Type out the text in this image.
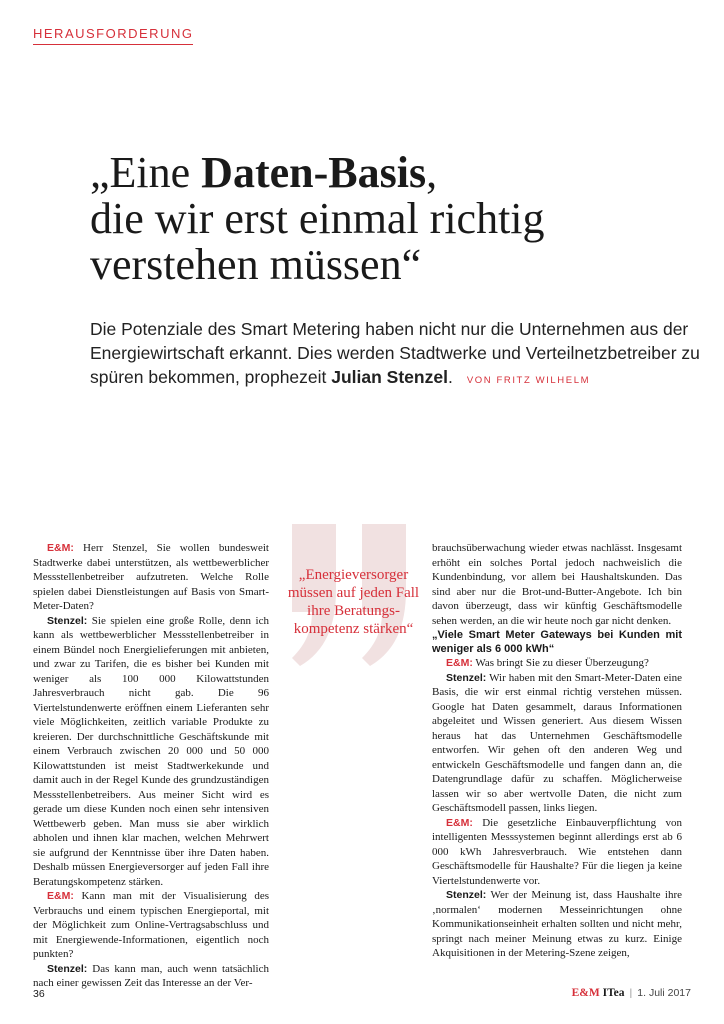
HERAUSFORDERUNG
„Eine Daten-Basis,
die wir erst einmal richtig
verstehen müssen“

Die Potenziale des Smart Metering haben nicht nur die Unternehmen aus der Energiewirtschaft erkannt. Dies werden Stadtwerke und Verteilnetzbetreiber zu spüren bekommen, prophezeit Julian Stenzel. VON FRITZ WILHELM

E&M: Herr Stenzel, Sie wollen bundesweit Stadtwerke dabei unterstützen, als wettbewerblicher Messstellenbetreiber aufzutreten. Welche Rolle spielen dabei Dienstleistungen auf Basis von Smart-Meter-Daten?

Stenzel: Sie spielen eine große Rolle, denn ich kann als wettbewerblicher Messstellenbetreiber in einem Bündel noch Energielieferungen mit anbieten, und zwar zu Tarifen, die es bisher bei Kunden mit weniger als 100 000 Kilowattstunden Jahresverbrauch nicht gab. Die 96 Viertelstundenwerte eröffnen einem Lieferanten sehr viele Möglichkeiten, zeitlich variable Produkte zu kreieren. Der durchschnittliche Geschäftskunde mit einem Verbrauch zwischen 20 000 und 50 000 Kilowattstunden ist meist Stadtwerkekunde und damit auch in der Regel Kunde des grundzuständigen Messstellenbetreibers. Aus meiner Sicht wird es gerade um diese Kunden noch einen sehr intensiven Wettbewerb geben. Man muss sie aber wirklich abholen und ihnen klar machen, welchen Mehrwert sie aufgrund der Kenntnisse über ihre Daten haben. Deshalb müssen Energieversorger auf jeden Fall ihre Beratungskompetenz stärken.

E&M: Kann man mit der Visualisierung des Verbrauchs und einem typischen Energieportal, mit der Möglichkeit zum Online-Vertragsabschluss und mit Energiewende-Informationen, eigentlich noch punkten?

Stenzel: Das kann man, auch wenn tatsächlich nach einer gewissen Zeit das Interesse an der Ver-

„Energieversorger müssen auf jeden Fall ihre Beratungskompetenz stärken“

brauchsüberwachung wieder etwas nachlässt. Insgesamt erhöht ein solches Portal jedoch nachweislich die Kundenbindung, vor allem bei Haushaltskunden. Das sind aber nur die Brot-und-Butter-Angebote. Ich bin davon überzeugt, dass wir künftig Geschäftsmodelle sehen werden, an die wir heute noch gar nicht denken.

„Viele Smart Meter Gateways bei Kunden mit weniger als 6 000 kWh“

E&M: Was bringt Sie zu dieser Überzeugung?

Stenzel: Wir haben mit den Smart-Meter-Daten eine Basis, die wir erst einmal richtig verstehen müssen. Google hat Daten gesammelt, daraus Informationen abgeleitet und Wissen generiert. Aus diesem Wissen heraus hat das Unternehmen Geschäftsmodelle entworfen. Wir gehen oft den anderen Weg und entwickeln Geschäftsmodelle und fangen dann an, die Datengrundlage dafür zu schaffen. Möglicherweise lassen wir so aber wertvolle Daten, die nicht zum Geschäftsmodell passen, links liegen.

E&M: Die gesetzliche Einbauverpflichtung von intelligenten Messsystemen beginnt allerdings erst ab 6 000 kWh Jahresverbrauch. Wie entstehen dann Geschäftsmodelle für Haushalte? Für die liegen ja keine Viertelstundenwerte vor.

Stenzel: Wer der Meinung ist, dass Haushalte ihre ‚normalen‘ modernen Messeinrichtungen ohne Kommunikationseinheit erhalten sollten und nicht mehr, springt nach meiner Meinung etwas zu kurz. Einige Akquisitionen in der Metering-Szene zeigen,

36	E&M ITea | 1. Juli 2017
